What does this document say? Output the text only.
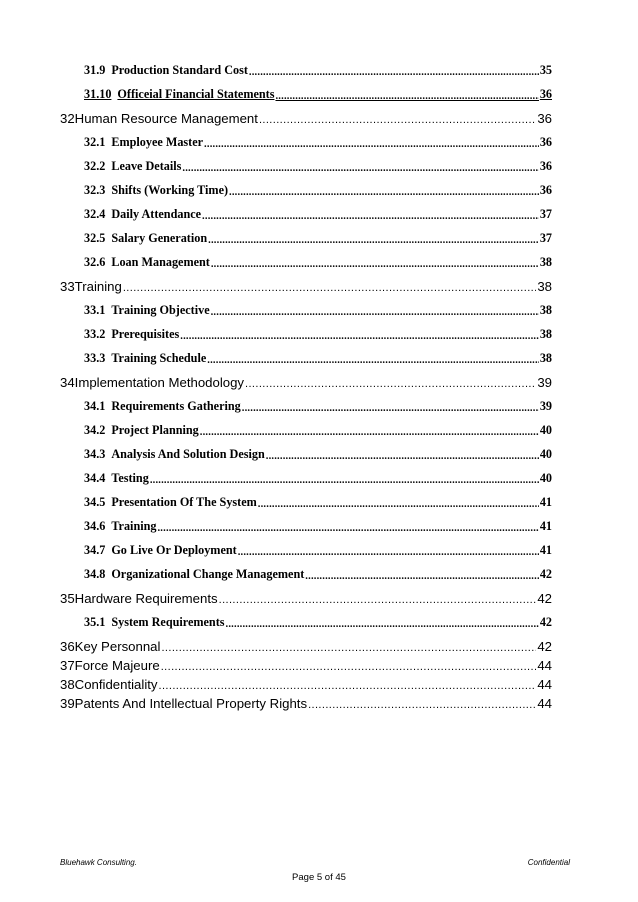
31.9 Production Standard Cost .....	35
31.10 Officeial Financial Statements .....	36
32 Human Resource Management .....	36
32.1 Employee Master .....	36
32.2 Leave Details .....	36
32.3 Shifts (Working Time) .....	36
32.4 Daily Attendance .....	37
32.5 Salary Generation .....	37
32.6 Loan Management .....	38
33 Training .....	38
33.1 Training Objective .....	38
33.2 Prerequisites .....	38
33.3 Training Schedule .....	38
34 Implementation Methodology .....	39
34.1 Requirements Gathering .....	39
34.2 Project Planning .....	40
34.3 Analysis And Solution Design .....	40
34.4 Testing .....	40
34.5 Presentation Of The System .....	41
34.6 Training .....	41
34.7 Go Live Or Deployment .....	41
34.8 Organizational Change Management .....	42
35 Hardware Requirements .....	42
35.1 System Requirements .....	42
36 Key Personnal .....	42
37 Force Majeure .....	44
38 Confidentiality .....	44
39 Patents And Intellectual Property Rights .....	44
Bluehawk Consulting.	Confidential
Page 5 of 45
